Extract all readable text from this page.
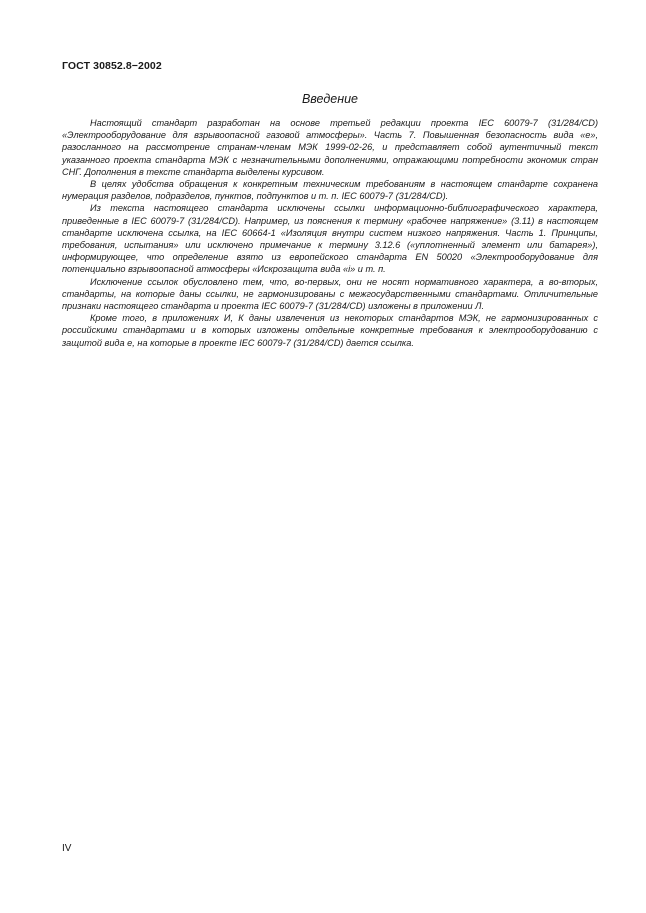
ГОСТ 30852.8−2002
Введение

Настоящий стандарт разработан на основе третьей редакции проекта IEC 60079-7 (31/284/CD) «Электрооборудование для взрывоопасной газовой атмосферы». Часть 7. Повышенная безопасность вида «е», разосланного на рассмотрение странам-членам МЭК 1999-02-26, и представляет собой аутентичный текст указанного проекта стандарта МЭК с незначительными дополнениями, отражающими потребности экономик стран СНГ. Дополнения в тексте стандарта выделены курсивом.

В целях удобства обращения к конкретным техническим требованиям в настоящем стандарте сохранена нумерация разделов, подразделов, пунктов, подпунктов и т. п. IEC 60079-7 (31/284/CD).

Из текста настоящего стандарта исключены ссылки информационно-библиографического характера, приведенные в IEC 60079-7 (31/284/CD). Например, из пояснения к термину «рабочее напряжение» (3.11) в настоящем стандарте исключена ссылка, на IEC 60664-1 «Изоляция внутри систем низкого напряжения. Часть 1. Принципы, требования, испытания» или исключено примечание к термину 3.12.6 («уплотненный элемент или батарея»), информирующее, что определение взято из европейского стандарта EN 50020 «Электрооборудование для потенциально взрывоопасной атмосферы «Искрозащита вида «i» и т. п.

Исключение ссылок обусловлено тем, что, во-первых, они не носят нормативного характера, а во-вторых, стандарты, на которые даны ссылки, не гармонизированы с межгосударственными стандартами. Отличительные признаки настоящего стандарта и проекта IEC 60079-7 (31/284/CD) изложены в приложении Л.

Кроме того, в приложениях И, К даны извлечения из некоторых стандартов МЭК, не гармонизированных с российскими стандартами и в которых изложены отдельные конкретные требования к электрооборудованию с защитой вида е, на которые в проекте IEC 60079-7 (31/284/CD) дается ссылка.

IV
